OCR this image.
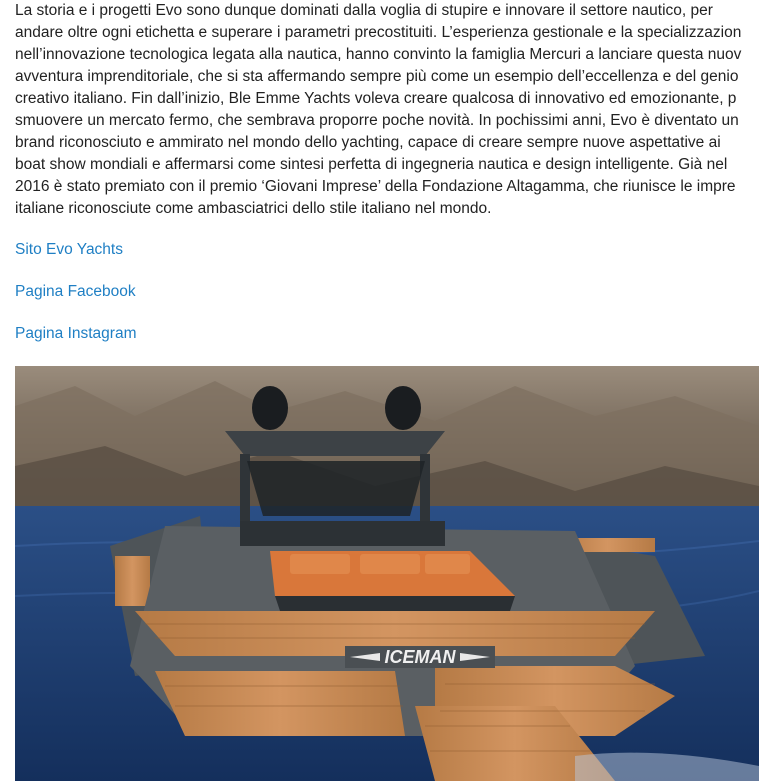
La storia e i progetti Evo sono dunque dominati dalla voglia di stupire e innovare il settore nautico, per
andare oltre ogni etichetta e superare i parametri precostituiti. L’esperienza gestionale e la specializzazion
nell’innovazione tecnologica legata alla nautica, hanno convinto la famiglia Mercuri a lanciare questa nuov
avventura imprenditoriale, che si sta affermando sempre più come un esempio dell’eccellenza e del genio
creativo italiano. Fin dall’inizio, Ble Emme Yachts voleva creare qualcosa di innovativo ed emozionante, p
smuovere un mercato fermo, che sembrava proporre poche novità. In pochissimi anni, Evo è diventato un
brand riconosciuto e ammirato nel mondo dello yachting, capace di creare sempre nuove aspettative ai
boat show mondiali e affermarsi come sintesi perfetta di ingegneria nautica e design intelligente. Già nel
2016 è stato premiato con il premio ‘Giovani Imprese’ della Fondazione Altagamma, che riunisce le impre
italiane riconosciute come ambasciatrici dello stile italiano nel mondo.

Sito Evo Yachts
Pagina Facebook
Pagina Instagram
ICEMAN
